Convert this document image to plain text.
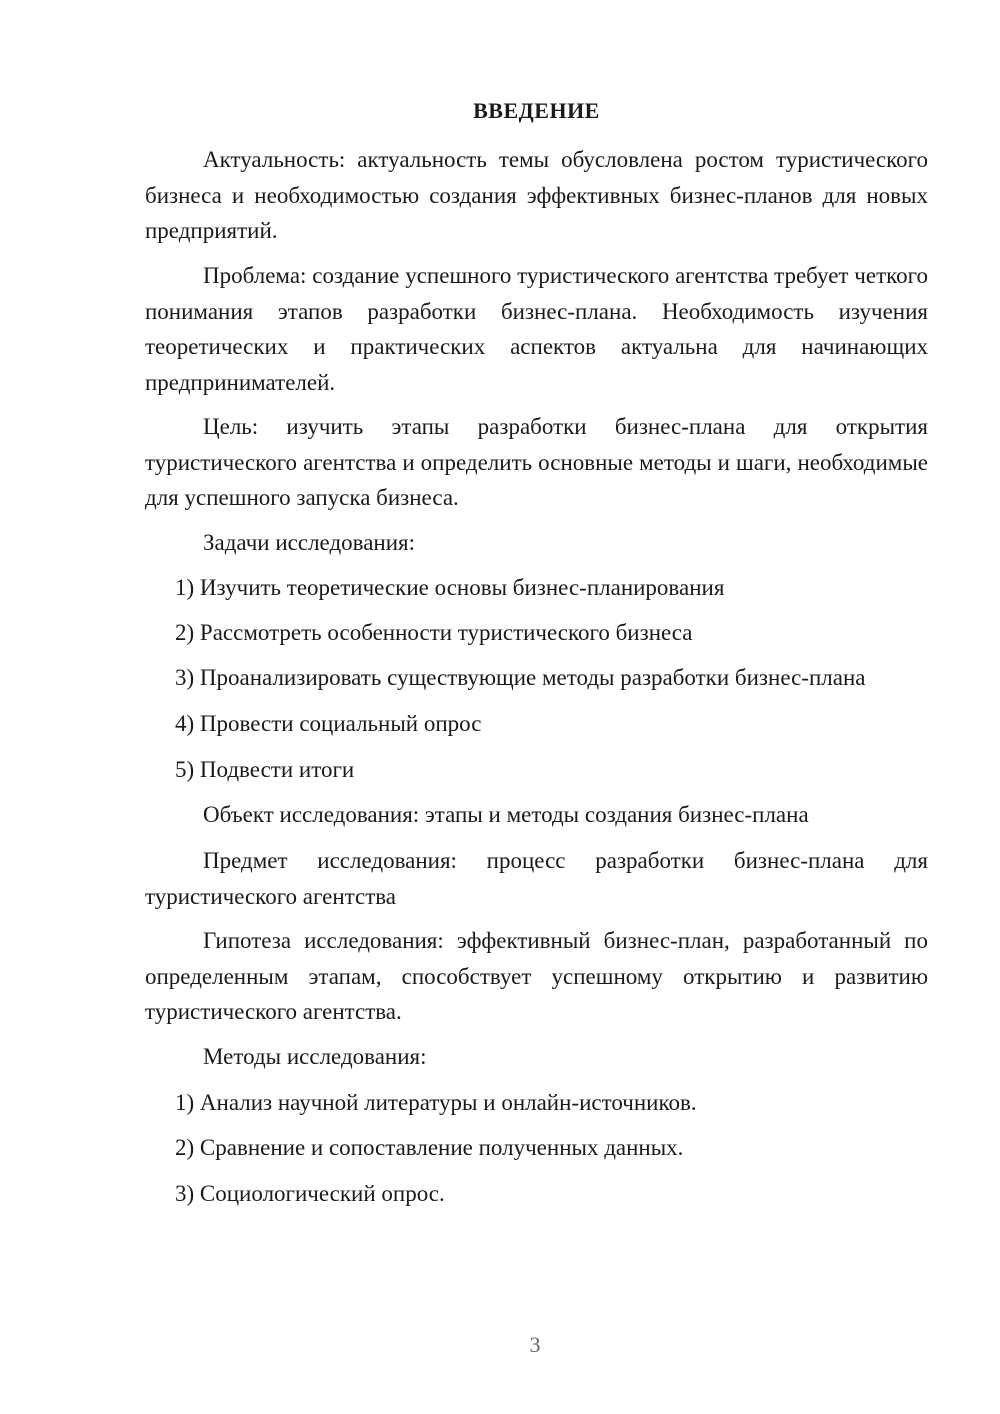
ВВЕДЕНИЕ
Актуальность: актуальность темы обусловлена ростом туристического бизнеса и необходимостью создания эффективных бизнес-планов для новых предприятий.
Проблема: создание успешного туристического агентства требует четкого понимания этапов разработки бизнес-плана. Необходимость изучения теоретических и практических аспектов актуальна для начинающих предпринимателей.
Цель: изучить этапы разработки бизнес-плана для открытия туристического агентства и определить основные методы и шаги, необходимые для успешного запуска бизнеса.
Задачи исследования:
1) Изучить теоретические основы бизнес-планирования
2) Рассмотреть особенности туристического бизнеса
3) Проанализировать существующие методы разработки бизнес-плана
4) Провести социальный опрос
5) Подвести итоги
Объект исследования: этапы и методы создания бизнес-плана
Предмет исследования: процесс разработки бизнес-плана для туристического агентства
Гипотеза исследования: эффективный бизнес-план, разработанный по определенным этапам, способствует успешному открытию и развитию туристического агентства.
Методы исследования:
1) Анализ научной литературы и онлайн-источников.
2) Сравнение и сопоставление полученных данных.
3) Социологический опрос.
3
